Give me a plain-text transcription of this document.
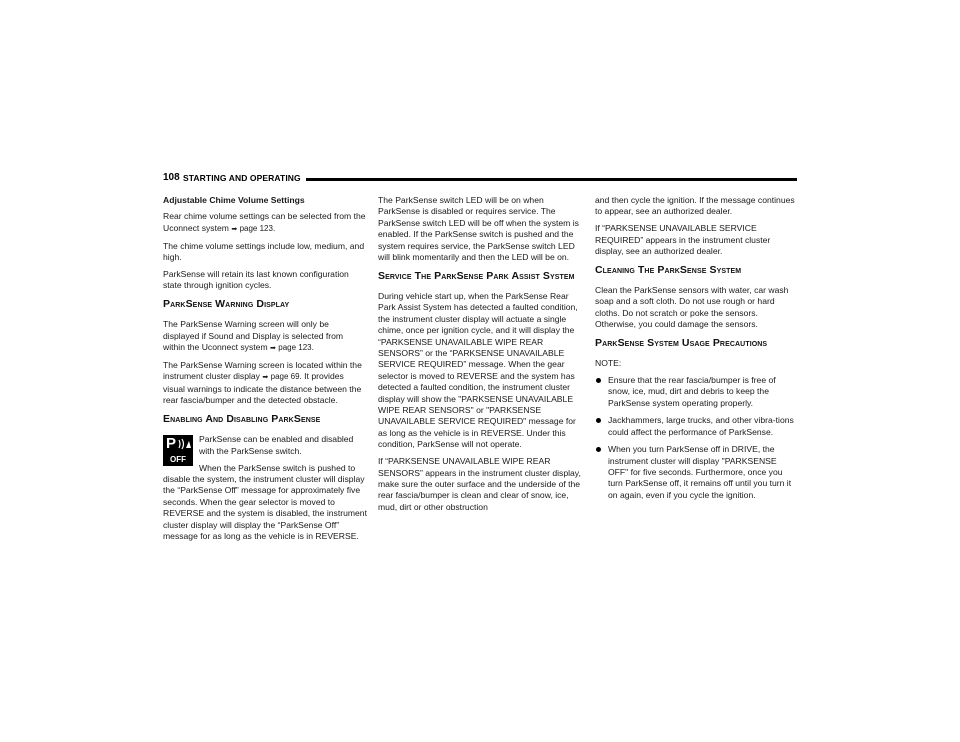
108 STARTING AND OPERATING

Adjustable Chime Volume Settings

Rear chime volume settings can be selected from the Uconnect system ➡ page 123.

The chime volume settings include low, medium, and high.

ParkSense will retain its last known configuration state through ignition cycles.

ParkSense Warning Display

The ParkSense Warning screen will only be displayed if Sound and Display is selected from within the Uconnect system ➡ page 123.

The ParkSense Warning screen is located within the instrument cluster display ➡ page 69. It provides visual warnings to indicate the distance between the rear fascia/bumper and the detected obstacle.

Enabling And Disabling ParkSense
P
OFF

ParkSense can be enabled and disabled with the ParkSense switch.

When the ParkSense switch is pushed to disable the system, the instrument cluster will display the “ParkSense Off” message for approximately five seconds. When the gear selector is moved to REVERSE and the system is disabled, the instrument cluster display will display the “ParkSense Off” message for as long as the vehicle is in REVERSE.

The ParkSense switch LED will be on when ParkSense is disabled or requires service. The ParkSense switch LED will be off when the system is enabled. If the ParkSense switch is pushed and the system requires service, the ParkSense switch LED will blink momentarily and then the LED will be on.

Service The ParkSense Park Assist System

During vehicle start up, when the ParkSense Rear Park Assist System has detected a faulted condition, the instrument cluster display will actuate a single chime, once per ignition cycle, and it will display the “PARKSENSE UNAVAILABLE WIPE REAR SENSORS” or the “PARKSENSE UNAVAILABLE SERVICE REQUIRED” message. When the gear selector is moved to REVERSE and the system has detected a faulted condition, the instrument cluster display will show the "PARKSENSE UNAVAILABLE WIPE REAR SENSORS" or "PARKSENSE UNAVAILABLE SERVICE REQUIRED" message for as long as the vehicle is in REVERSE. Under this condition, ParkSense will not operate.

If “PARKSENSE UNAVAILABLE WIPE REAR SENSORS” appears in the instrument cluster display, make sure the outer surface and the underside of the rear fascia/bumper is clean and clear of snow, ice, mud, dirt or other obstruction

and then cycle the ignition. If the message continues to appear, see an authorized dealer.

If “PARKSENSE UNAVAILABLE SERVICE REQUIRED” appears in the instrument cluster display, see an authorized dealer.

Cleaning The ParkSense System

Clean the ParkSense sensors with water, car wash soap and a soft cloth. Do not use rough or hard cloths. Do not scratch or poke the sensors. Otherwise, you could damage the sensors.

ParkSense System Usage Precautions

NOTE:

Ensure that the rear fascia/bumper is free of snow, ice, mud, dirt and debris to keep the ParkSense system operating properly.
Jackhammers, large trucks, and other vibra-tions could affect the performance of ParkSense.
When you turn ParkSense off in DRIVE, the instrument cluster will display "PARKSENSE OFF" for five seconds. Furthermore, once you turn ParkSense off, it remains off until you turn it on again, even if you cycle the ignition.
